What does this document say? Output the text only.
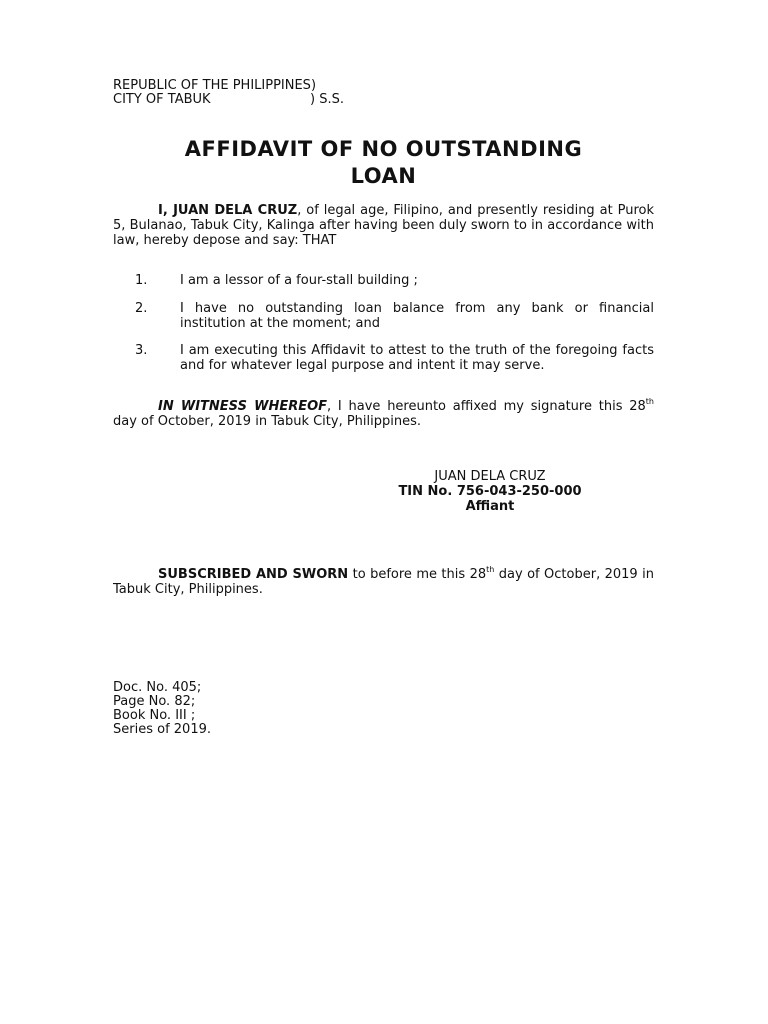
REPUBLIC OF THE PHILIPPINES)
CITY OF TABUK	) S.S.
AFFIDAVIT OF NO OUTSTANDING
LOAN
I, JUAN DELA CRUZ, of legal age, Filipino, and presently residing at Purok 5, Bulanao, Tabuk City, Kalinga after having been duly sworn to in accordance with law, hereby depose and say: THAT
1.	I am a lessor of a four-stall building ;
2.	I have no outstanding loan balance from any bank or financial institution at the moment; and
3.	I am executing this Affidavit to attest to the truth of the foregoing facts and for whatever legal purpose and intent it may serve.
IN WITNESS WHEREOF, I have hereunto affixed my signature this 28th day of October, 2019 in Tabuk City, Philippines.
JUAN DELA CRUZ
TIN No. 756-043-250-000
Affiant
SUBSCRIBED AND SWORN to before me this 28th day of October, 2019 in Tabuk City, Philippines.
Doc. No. 405;
Page No. 82;
Book No. III ;
Series of 2019.
